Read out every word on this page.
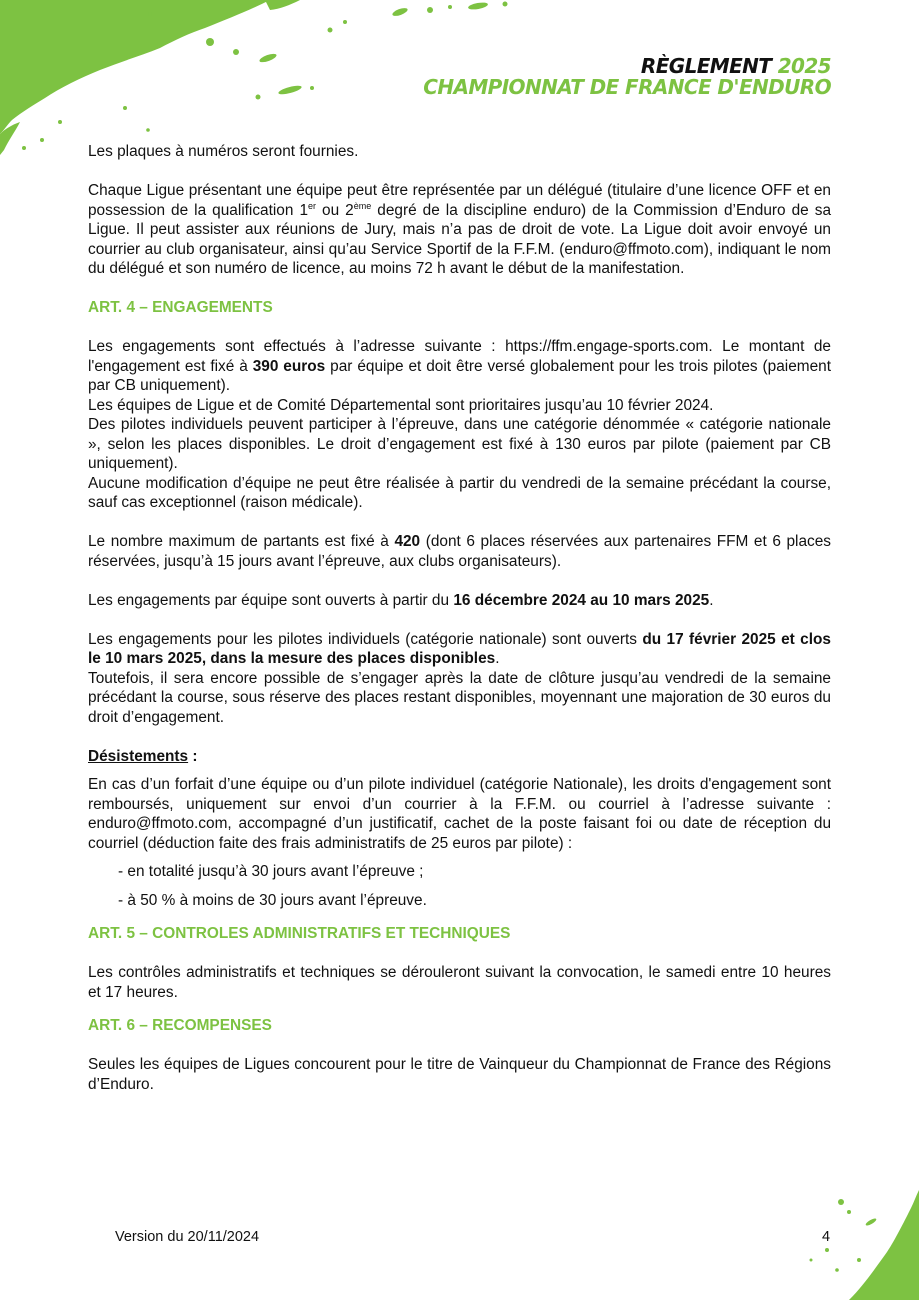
RÈGLEMENT 2025
CHAMPIONNAT DE FRANCE D'ENDURO

Les plaques à numéros seront fournies.

Chaque Ligue présentant une équipe peut être représentée par un délégué (titulaire d’une licence OFF et en possession de la qualification 1er ou 2ème degré de la discipline enduro) de la Commission d’Enduro de sa Ligue. Il peut assister aux réunions de Jury, mais n’a pas de droit de vote. La Ligue doit avoir envoyé un courrier au club organisateur, ainsi qu’au Service Sportif de la F.F.M. (enduro@ffmoto.com), indiquant le nom du délégué et son numéro de licence, au moins 72 h avant le début de la manifestation.

ART. 4 – ENGAGEMENTS

Les engagements sont effectués à l’adresse suivante : https://ffm.engage-sports.com. Le montant de l'engagement est fixé à 390 euros par équipe et doit être versé globalement pour les trois pilotes (paiement par CB uniquement).

Les équipes de Ligue et de Comité Départemental sont prioritaires jusqu’au 10 février 2024.

Des pilotes individuels peuvent participer à l’épreuve, dans une catégorie dénommée « catégorie nationale », selon les places disponibles. Le droit d’engagement est fixé à 130 euros par pilote (paiement par CB uniquement).

Aucune modification d’équipe ne peut être réalisée à partir du vendredi de la semaine précédant la course, sauf cas exceptionnel (raison médicale).

Le nombre maximum de partants est fixé à 420 (dont 6 places réservées aux partenaires FFM et 6 places réservées, jusqu’à 15 jours avant l’épreuve, aux clubs organisateurs).

Les engagements par équipe sont ouverts à partir du 16 décembre 2024 au 10 mars 2025.

Les engagements pour les pilotes individuels (catégorie nationale) sont ouverts du 17 février 2025 et clos le 10 mars 2025, dans la mesure des places disponibles.

Toutefois, il sera encore possible de s’engager après la date de clôture jusqu’au vendredi de la semaine précédant la course, sous réserve des places restant disponibles, moyennant une majoration de 30 euros du droit d’engagement.

Désistements :

En cas d’un forfait d’une équipe ou d’un pilote individuel (catégorie Nationale), les droits d'engagement sont remboursés, uniquement sur envoi d’un courrier à la F.F.M. ou courriel à l’adresse suivante : enduro@ffmoto.com, accompagné d’un justificatif, cachet de la poste faisant foi ou date de réception du courriel (déduction faite des frais administratifs de 25 euros par pilote) :

- en totalité jusqu’à 30 jours avant l’épreuve ;

- à 50 % à moins de 30 jours avant l’épreuve.

ART. 5 – CONTROLES ADMINISTRATIFS ET TECHNIQUES

Les contrôles administratifs et techniques se dérouleront suivant la convocation, le samedi entre 10 heures et 17 heures.

ART. 6 – RECOMPENSES

Seules les équipes de Ligues concourent pour le titre de Vainqueur du Championnat de France des Régions d’Enduro.

Version du 20/11/2024	4
